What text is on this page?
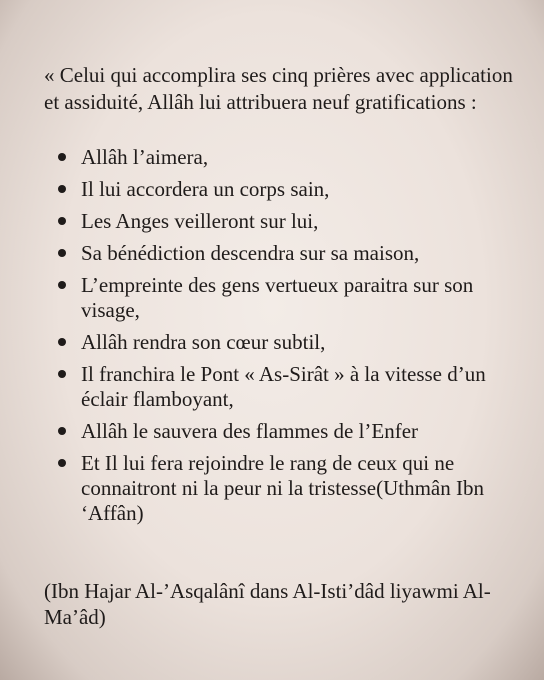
« Celui qui accomplira ses cinq prières avec application et assiduité, Allâh lui attribuera neuf gratifications :

Allâh l’aimera,
Il lui accordera un corps sain,
Les Anges veilleront sur lui,
Sa bénédiction descendra sur sa maison,
L’empreinte des gens vertueux paraitra sur son visage,
Allâh rendra son cœur subtil,
Il franchira le Pont « As-Sirât » à la vitesse d’un éclair flamboyant,
Allâh le sauvera des flammes de l’Enfer
Et Il lui fera rejoindre le rang de ceux qui ne connaitront ni la peur ni la tristesse(Uthmân Ibn ‘Affân)

(Ibn Hajar Al-’Asqalânî dans Al-Isti’dâd liyawmi Al-Ma’âd)
